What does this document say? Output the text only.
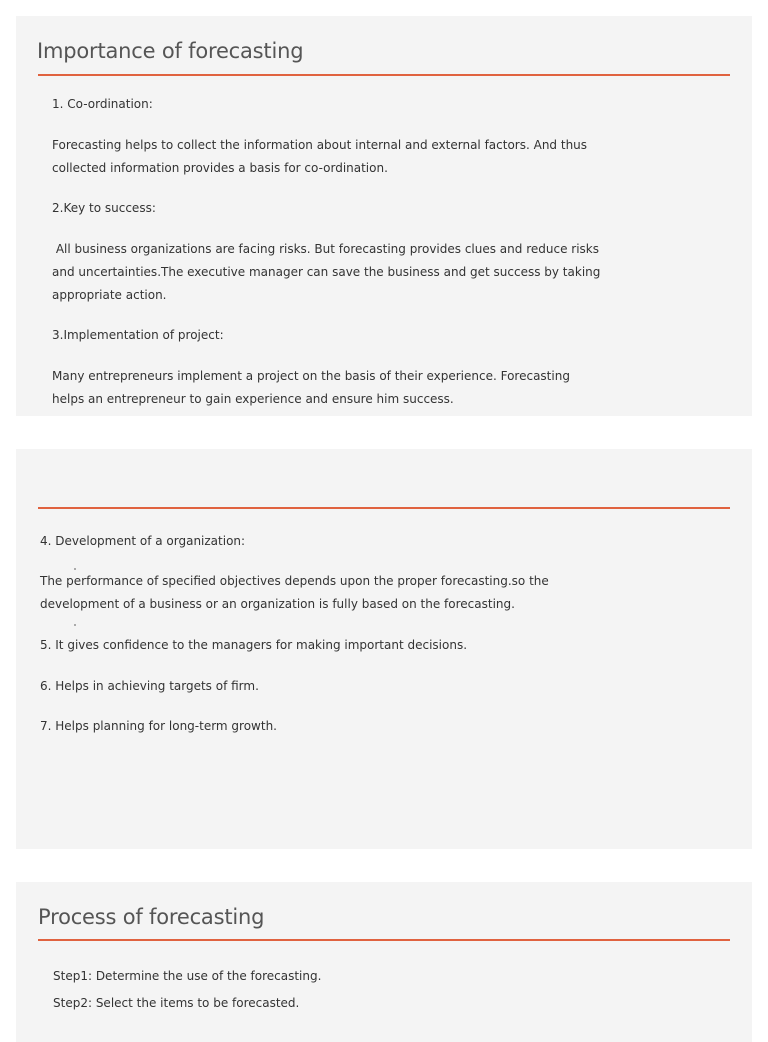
Importance of forecasting

1. Co-ordination:

Forecasting helps to collect the information about internal and external factors. And thus collected information provides a basis for co-ordination.

2.Key to success:

All business organizations are facing risks. But forecasting provides clues and reduce risks and uncertainties.The executive manager can save the business and get success by taking appropriate action.

3.Implementation of project:

Many entrepreneurs implement a project on the basis of their experience. Forecasting helps an entrepreneur to gain experience and ensure him success.

4. Development of a organization:

The performance of specified objectives depends upon the proper forecasting.so the development of a business or an organization is fully based on the forecasting.

5. It gives confidence to the managers for making important decisions.

6. Helps in achieving targets of firm.

7. Helps planning for long-term growth.

Process of forecasting

Step1: Determine the use of the forecasting.

Step2: Select the items to be forecasted.
